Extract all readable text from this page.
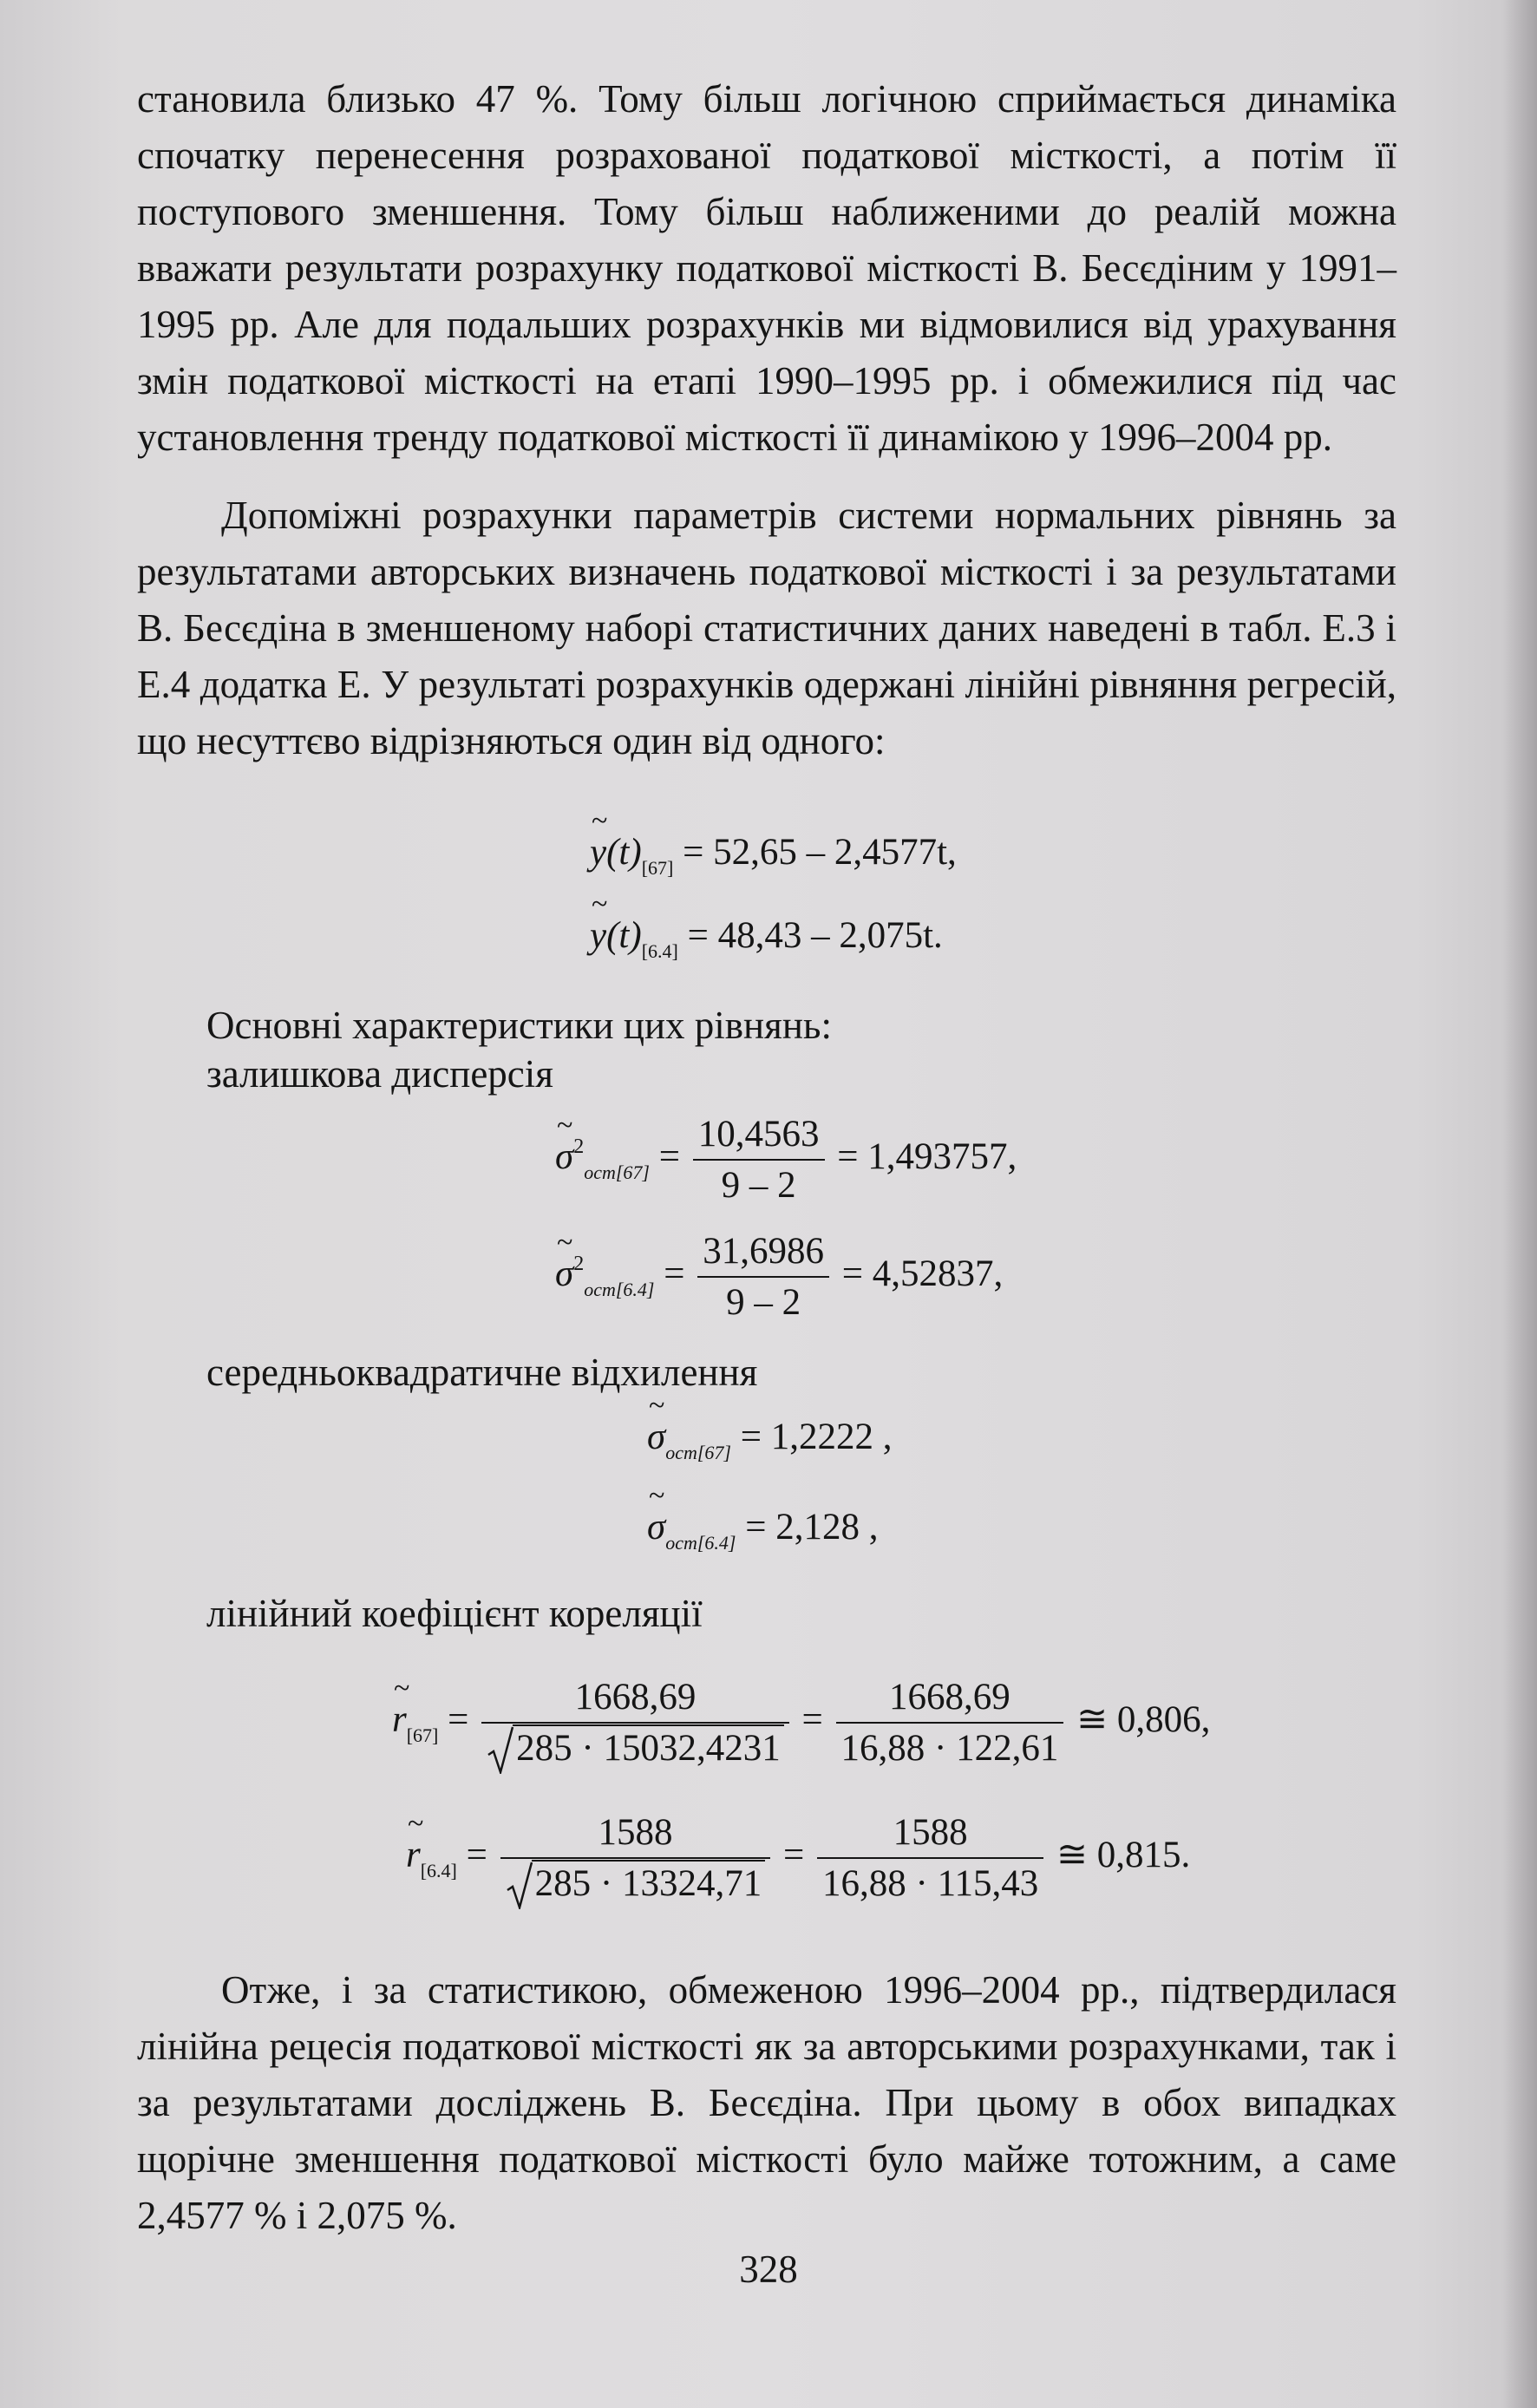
становила близько 47 %. Тому більш логічною сприймається динаміка спочатку перенесення розрахованої податкової місткості, а потім її поступового зменшення. Тому більш наближеними до реалій можна вважати результати розрахунку податкової місткості В. Бесєдіним у 1991–1995 рр. Але для подальших розрахунків ми відмовилися від урахування змін податкової місткості на етапі 1990–1995 рр. і обмежилися під час установлення тренду податкової місткості її динамікою у 1996–2004 рр.

Допоміжні розрахунки параметрів системи нормальних рівнянь за результатами авторських визначень податкової місткості і за результатами В. Бесєдіна в зменшеному наборі статистичних даних наведені в табл. Е.3 і Е.4 додатка Е. У результаті розрахунків одержані лінійні рівняння регресій, що несуттєво відрізняються один від одного:

y $\sim(t)_{[67]} = 52,65 - 2,4577t$,
y $\sim(t)_{[6.4]} = 48,43 - 2,075t$.
Основні характеристики цих рівнянь:
залишкова дисперсія
σ ~$^2_{ост[67]}$ = $\frac{10,4563}{9 - 2} = 1,493757$,
σ ~$^2_{ост[6.4]}$ = $\frac{31,6986}{9 - 2} = 4,52837$,
середньоквадратичне відхилення
σ $\sim_{ост[67]} = 1,2222$ ,
σ $\sim_{ост[6.4]} = 2,128$ ,
лінійний коефіцієнт кореляції
r $\sim_{[67]} = \frac{1668,69}{285 \cdot 15032,4231} = \frac{1668,69}{16,88 \cdot 122,61}$ ≅ 0,806,
r $\sim_{[6.4]} = \frac{1588}{285 \cdot 13324,71} = \frac{1588}{16,88 \cdot 115,43}$ ≅ 0,815.

Отже, і за статистикою, обмеженою 1996–2004 рр., підтвердилася лінійна рецесія податкової місткості як за авторськими розрахунками, так і за результатами досліджень В. Бесєдіна. При цьому в обох випадках щорічне зменшення податкової місткості було майже тотожним, а саме 2,4577 % і 2,075 %.

328
